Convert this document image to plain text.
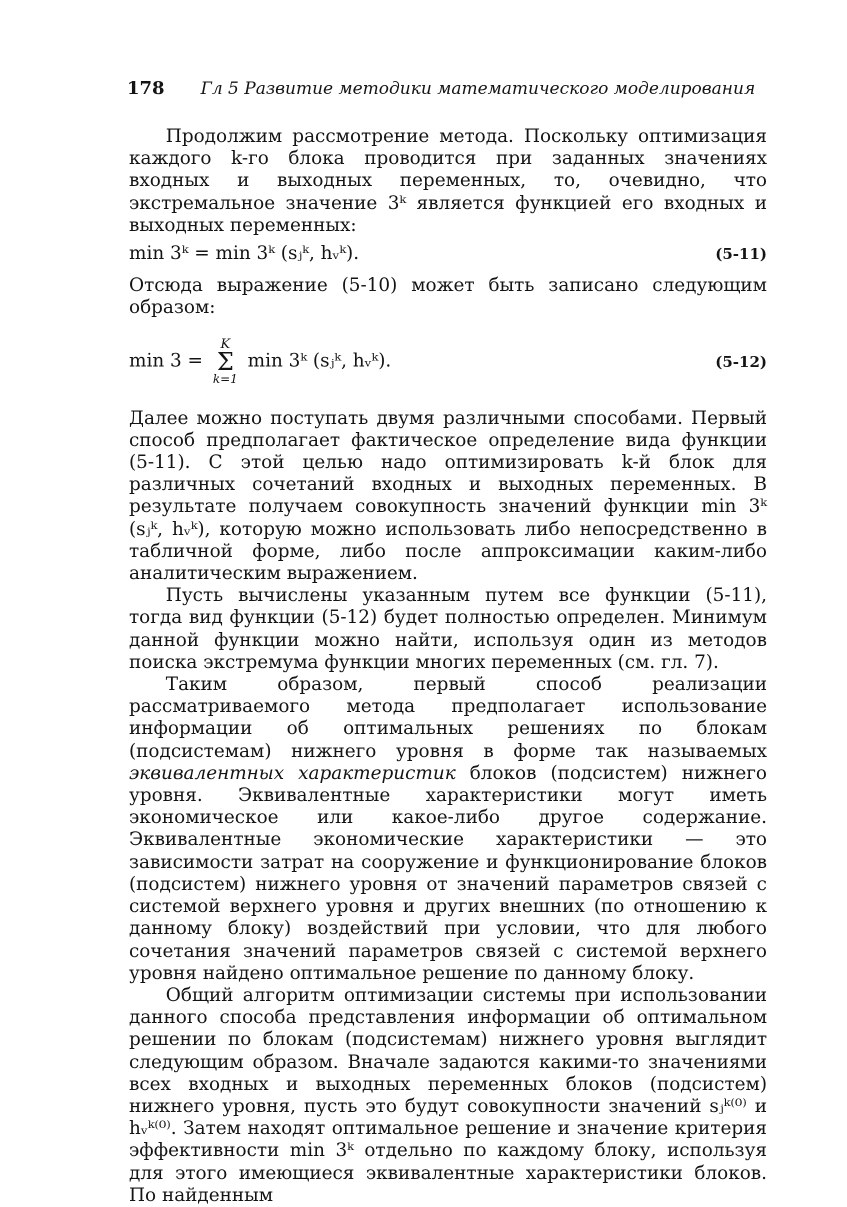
178 Гл 5 Развитие методики математического моделирования

Продолжим рассмотрение метода. Поскольку оптимизация каждого k-го блока проводится при заданных значениях входных и выходных переменных, то, очевидно, что экстремальное значение 3ᵏ является функцией его входных и выходных переменных:

min 3ᵏ = min 3ᵏ (sⱼᵏ, hᵥᵏ).	(5-11)

Отсюда выражение (5-10) может быть записано следующим образом:

min 3 =
K
Σ
k=1
min 3ᵏ (sⱼᵏ, hᵥᵏ).	(5-12)

Далее можно поступать двумя различными способами. Первый способ предполагает фактическое определение вида функции (5-11). С этой целью надо оптимизировать k-й блок для различных сочетаний входных и выходных переменных. В результате получаем совокупность значений функции min 3ᵏ (sⱼᵏ, hᵥᵏ), которую можно использовать либо непосредственно в табличной форме, либо после аппроксимации каким-либо аналитическим выражением.

Пусть вычислены указанным путем все функции (5-11), тогда вид функции (5-12) будет полностью определен. Минимум данной функции можно найти, используя один из методов поиска экстремума функции многих переменных (см. гл. 7).

Таким образом, первый способ реализации рассматриваемого метода предполагает использование информации об оптимальных решениях по блокам (подсистемам) нижнего уровня в форме так называемых эквивалентных характеристик блоков (подсистем) нижнего уровня. Эквивалентные характеристики могут иметь экономическое или какое-либо другое содержание. Эквивалентные экономические характеристики — это зависимости затрат на сооружение и функционирование блоков (подсистем) нижнего уровня от значений параметров связей с системой верхнего уровня и других внешних (по отношению к данному блоку) воздействий при условии, что для любого сочетания значений параметров связей с системой верхнего уровня найдено оптимальное решение по данному блоку.

Общий алгоритм оптимизации системы при использовании данного способа представления информации об оптимальном решении по блокам (подсистемам) нижнего уровня выглядит следующим образом. Вначале задаются какими-то значениями всех входных и выходных переменных блоков (подсистем) нижнего уровня, пусть это будут совокупности значений sⱼᵏ⁽⁰⁾ и hᵥᵏ⁽⁰⁾. Затем находят оптимальное решение и значение критерия эффективности min 3ᵏ отдельно по каждому блоку, используя для этого имеющиеся эквивалентные характеристики блоков. По найденным
